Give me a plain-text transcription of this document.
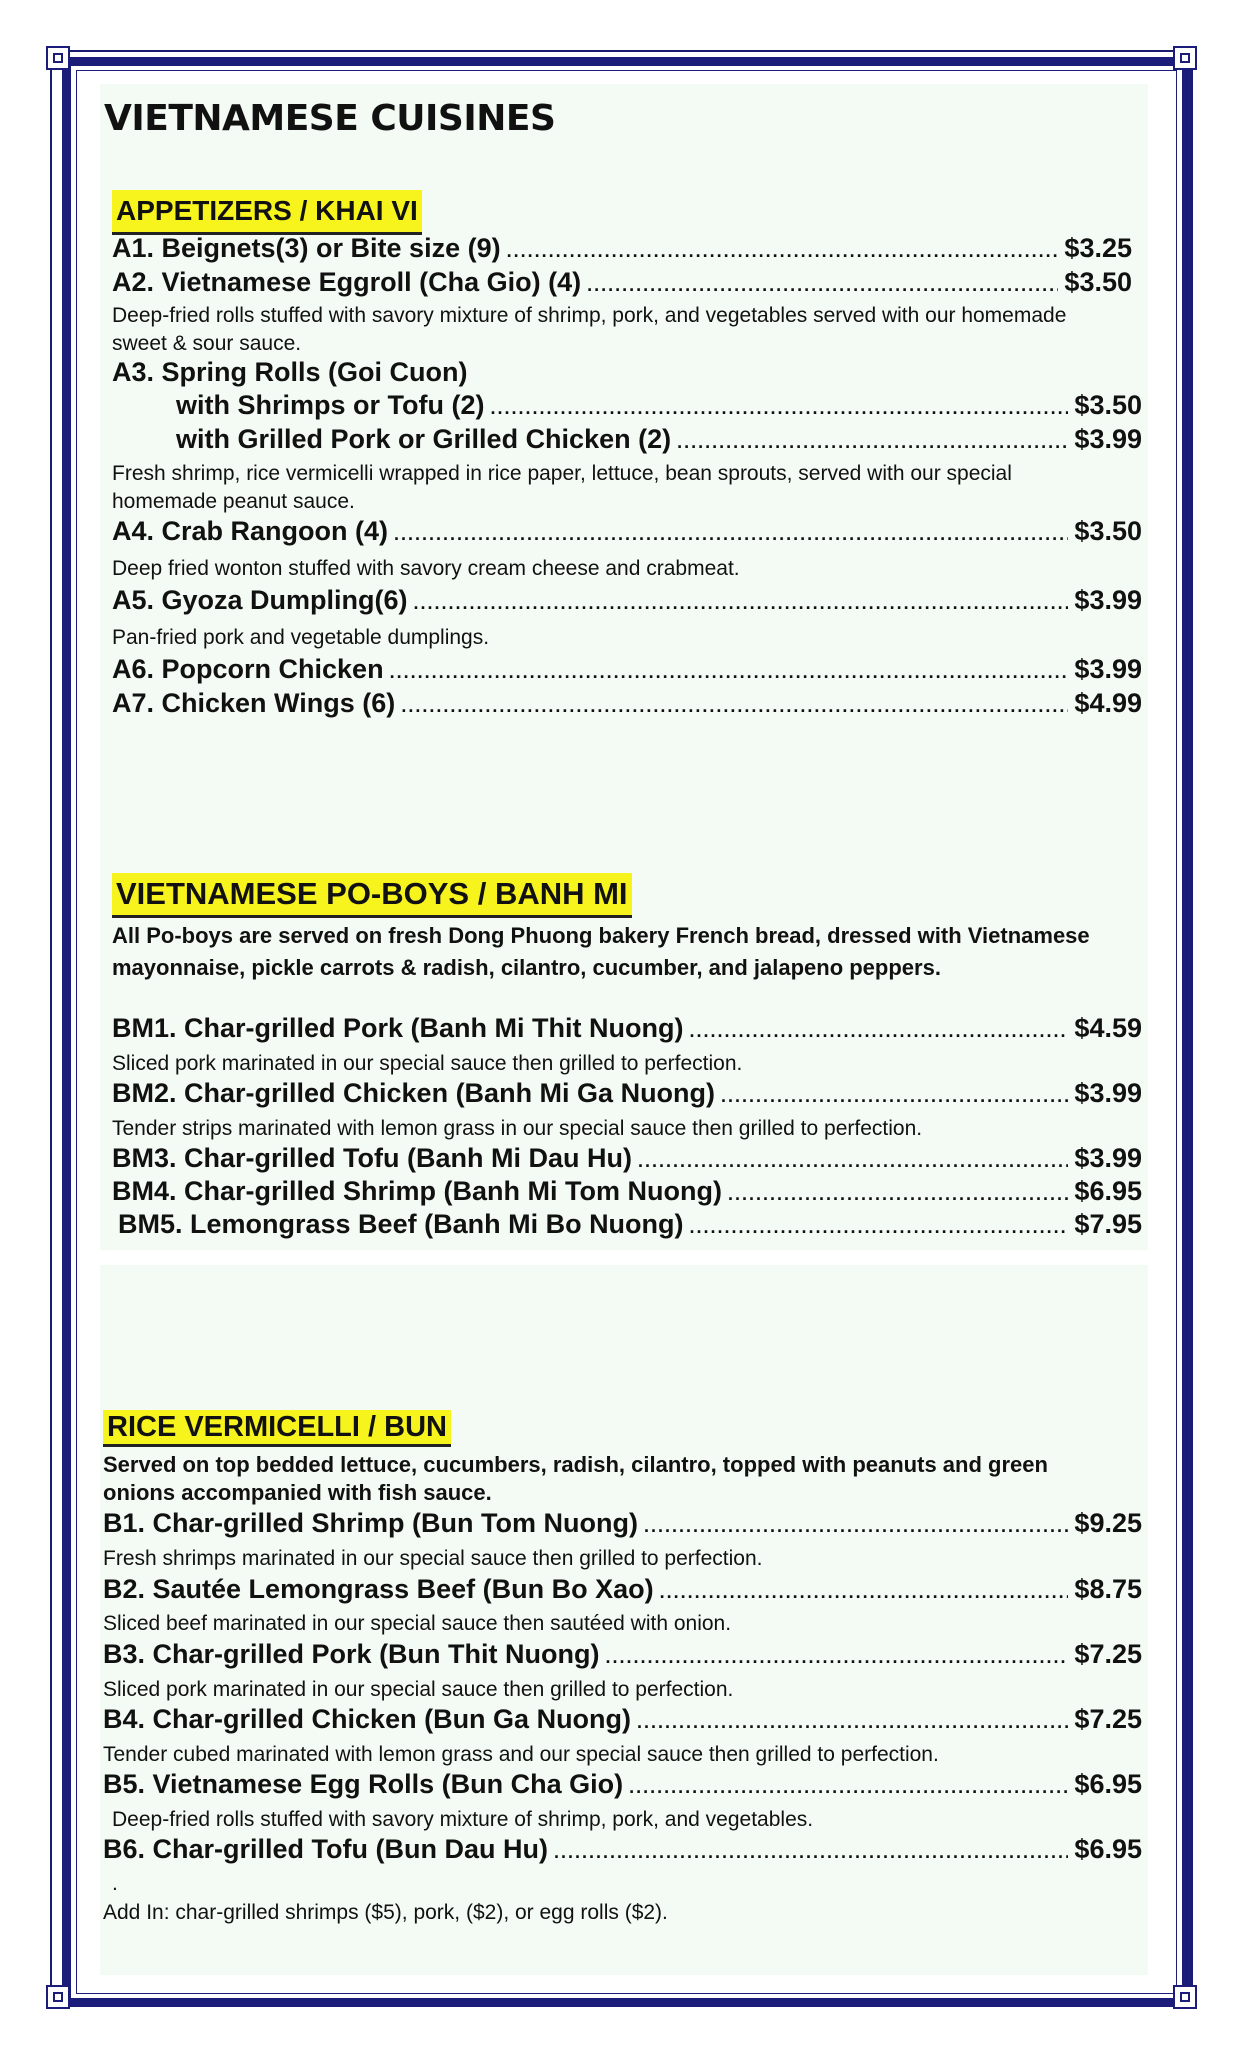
VIETNAMESE CUISINES
APPETIZERS / KHAI VI
A1. Beignets(3) or Bite size (9) .....	$3.25
A2. Vietnamese Eggroll (Cha Gio) (4) .....	$3.50

Deep-fried rolls stuffed with savory mixture of shrimp, pork, and vegetables served with our homemade sweet & sour sauce.

A3. Spring Rolls (Goi Cuon)
with Shrimps or Tofu (2) .....	$3.50
with Grilled Pork or Grilled Chicken (2) .....	$3.99

Fresh shrimp, rice vermicelli wrapped in rice paper, lettuce, bean sprouts, served with our special homemade peanut sauce.

A4. Crab Rangoon (4) .....	$3.50

Deep fried wonton stuffed with savory cream cheese and crabmeat.

A5. Gyoza Dumpling(6) .....	$3.99

Pan-fried pork and vegetable dumplings.

A6. Popcorn Chicken .....	$3.99
A7. Chicken Wings (6) .....	$4.99
VIETNAMESE PO-BOYS / BANH MI

All Po-boys are served on fresh Dong Phuong bakery French bread, dressed with Vietnamese mayonnaise, pickle carrots & radish, cilantro, cucumber, and jalapeno peppers.

BM1. Char-grilled Pork (Banh Mi Thit Nuong) .....	$4.59

Sliced pork marinated in our special sauce then grilled to perfection.

BM2. Char-grilled Chicken (Banh Mi Ga Nuong) .....	$3.99

Tender strips marinated with lemon grass in our special sauce then grilled to perfection.

BM3. Char-grilled Tofu (Banh Mi Dau Hu) .....	$3.99
BM4. Char-grilled Shrimp (Banh Mi Tom Nuong) .....	$6.95
BM5. Lemongrass Beef (Banh Mi Bo Nuong) .....	$7.95
RICE VERMICELLI / BUN

Served on top bedded lettuce, cucumbers, radish, cilantro, topped with peanuts and green onions accompanied with fish sauce.

B1. Char-grilled Shrimp (Bun Tom Nuong) .....	$9.25

Fresh shrimps marinated in our special sauce then grilled to perfection.

B2. Sautée Lemongrass Beef (Bun Bo Xao) .....	$8.75

Sliced beef marinated in our special sauce then sautéed with onion.

B3. Char-grilled Pork (Bun Thit Nuong) .....	$7.25

Sliced pork marinated in our special sauce then grilled to perfection.

B4. Char-grilled Chicken (Bun Ga Nuong) .....	$7.25

Tender cubed marinated with lemon grass and our special sauce then grilled to perfection.

B5. Vietnamese Egg Rolls (Bun Cha Gio) .....	$6.95

Deep-fried rolls stuffed with savory mixture of shrimp, pork, and vegetables.

B6. Char-grilled Tofu (Bun Dau Hu) .....	$6.95

.

Add In: char-grilled shrimps ($5), pork, ($2), or egg rolls ($2).
